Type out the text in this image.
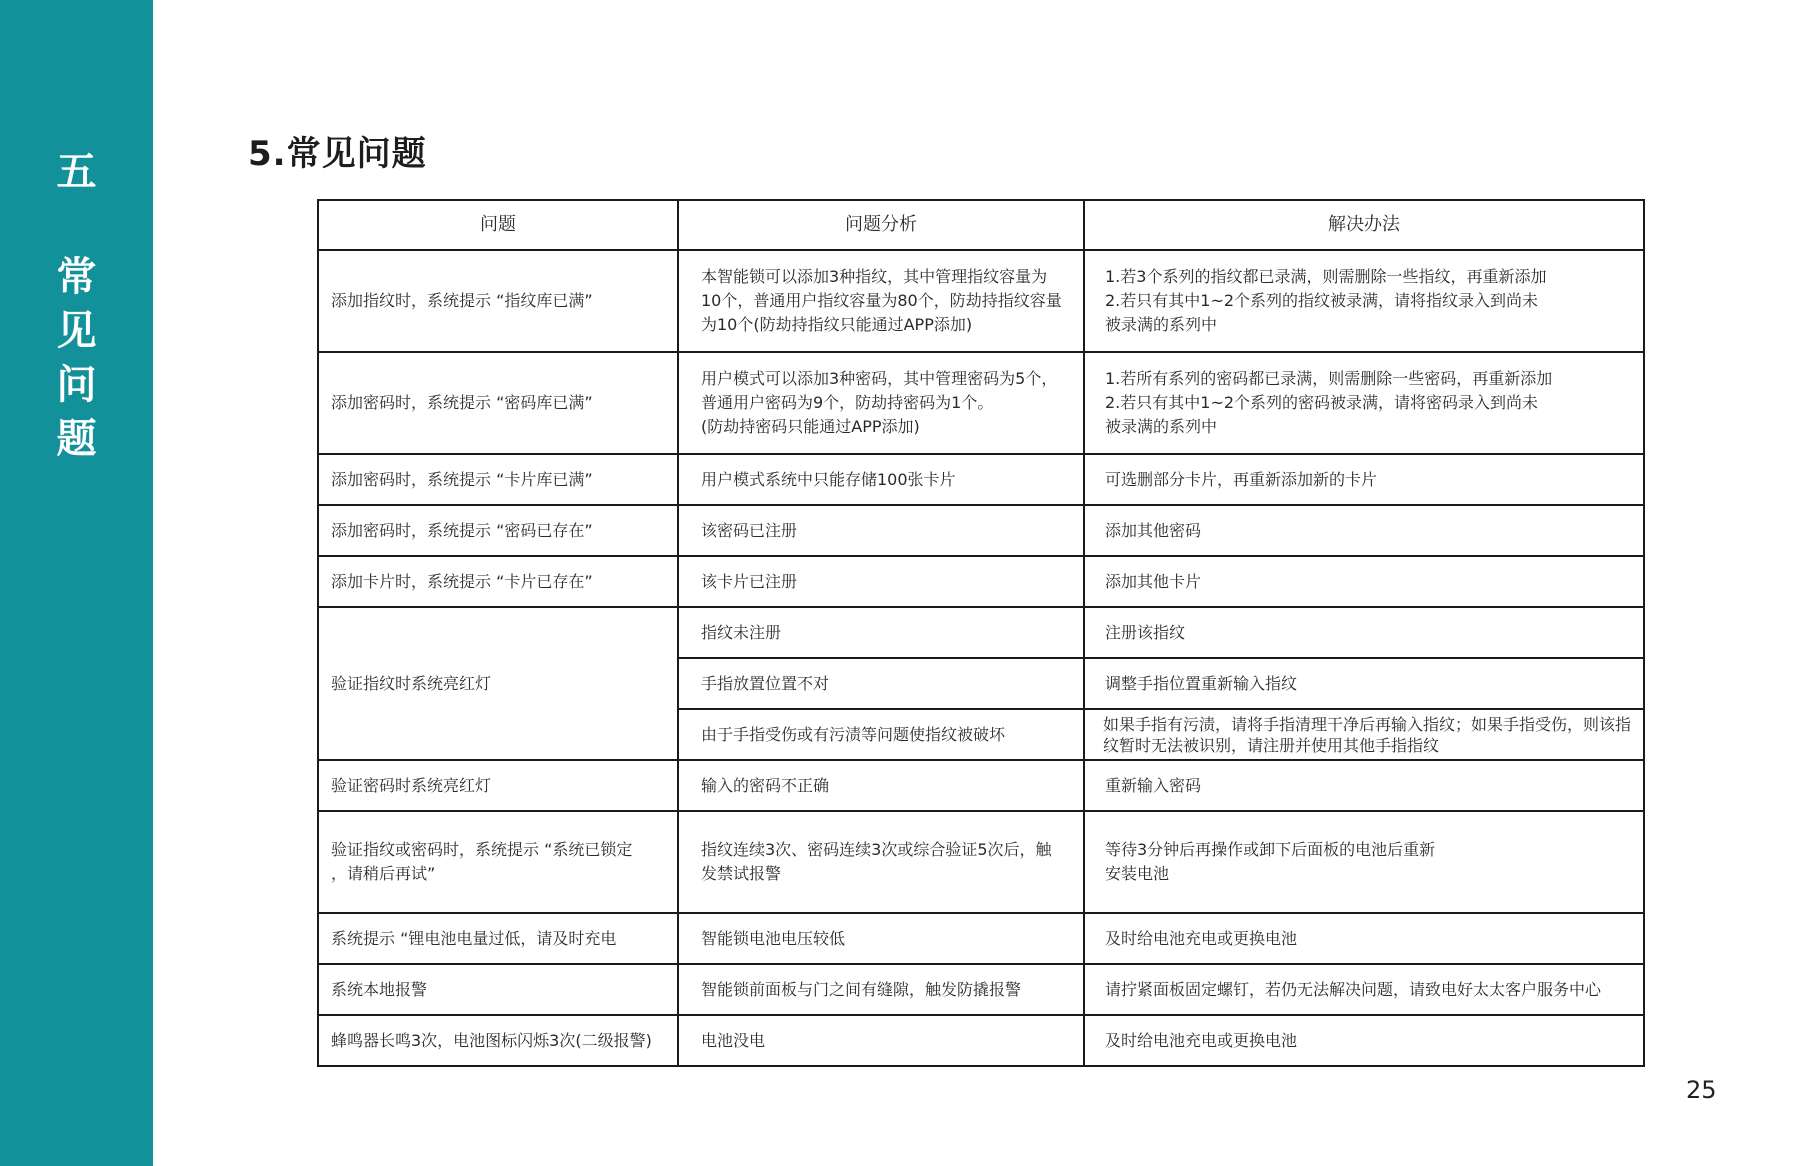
五
常
见
问
题
5.常见问题
问题	问题分析	解决办法

添加指纹时，系统提示 “指纹库已满”	本智能锁可以添加3种指纹，其中管理指纹容量为
10个，普通用户指纹容量为80个，防劫持指纹容量
为10个(防劫持指纹只能通过APP添加)	1.若3个系列的指纹都已录满，则需删除一些指纹，再重新添加
2.若只有其中1~2个系列的指纹被录满，请将指纹录入到尚未
被录满的系列中

添加密码时，系统提示 “密码库已满”	用户模式可以添加3种密码，其中管理密码为5个，
普通用户密码为9个，防劫持密码为1个。
(防劫持密码只能通过APP添加)	1.若所有系列的密码都已录满，则需删除一些密码，再重新添加
2.若只有其中1~2个系列的密码被录满，请将密码录入到尚未
被录满的系列中

添加密码时，系统提示 “卡片库已满”	用户模式系统中只能存储100张卡片	可选删部分卡片，再重新添加新的卡片

添加密码时，系统提示 “密码已存在”	该密码已注册	添加其他密码

添加卡片时，系统提示 “卡片已存在”	该卡片已注册	添加其他卡片

验证指纹时系统亮红灯	指纹未注册	注册该指纹

	手指放置位置不对	调整手指位置重新输入指纹

	由于手指受伤或有污渍等问题使指纹被破坏	如果手指有污渍，请将手指清理干净后再输入指纹；如果手指受伤，则该指
纹暂时无法被识别，请注册并使用其他手指指纹

验证密码时系统亮红灯	输入的密码不正确	重新输入密码

验证指纹或密码时，系统提示 “系统已锁定
，请稍后再试”	指纹连续3次、密码连续3次或综合验证5次后，触
发禁试报警	等待3分钟后再操作或卸下后面板的电池后重新
安装电池

系统提示 “锂电池电量过低，请及时充电	智能锁电池电压较低	及时给电池充电或更换电池

系统本地报警	智能锁前面板与门之间有缝隙，触发防撬报警	请拧紧面板固定螺钉，若仍无法解决问题，请致电好太太客户服务中心

蜂鸣器长鸣3次，电池图标闪烁3次(二级报警)	电池没电	及时给电池充电或更换电池
25
